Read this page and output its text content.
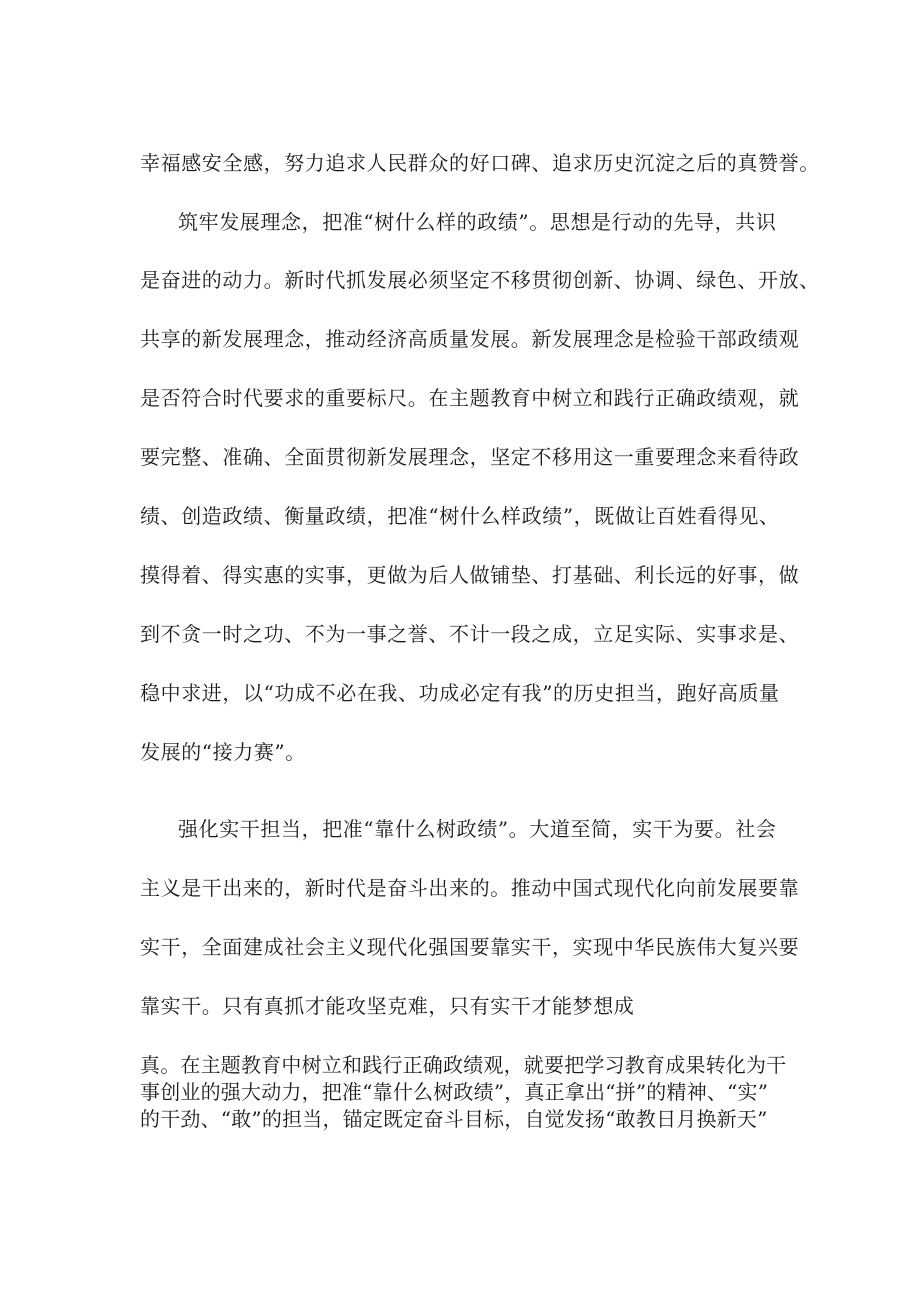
幸福感安全感，努力追求人民群众的好口碑、追求历史沉淀之后的真赞誉。
筑牢发展理念，把准“树什么样的政绩”。思想是行动的先导，共识
是奋进的动力。新时代抓发展必须坚定不移贯彻创新、协调、绿色、开放、
共享的新发展理念，推动经济高质量发展。新发展理念是检验干部政绩观
是否符合时代要求的重要标尺。在主题教育中树立和践行正确政绩观，就
要完整、准确、全面贯彻新发展理念，坚定不移用这一重要理念来看待政
绩、创造政绩、衡量政绩，把准“树什么样政绩”，既做让百姓看得见、
摸得着、得实惠的实事，更做为后人做铺垫、打基础、利长远的好事，做
到不贪一时之功、不为一事之誉、不计一段之成，立足实际、实事求是、
稳中求进，以“功成不必在我、功成必定有我”的历史担当，跑好高质量
发展的“接力赛”。
强化实干担当，把准“靠什么树政绩”。大道至简，实干为要。社会
主义是干出来的，新时代是奋斗出来的。推动中国式现代化向前发展要靠
实干，全面建成社会主义现代化强国要靠实干，实现中华民族伟大复兴要
靠实干。只有真抓才能攻坚克难，只有实干才能梦想成
真。在主题教育中树立和践行正确政绩观，就要把学习教育成果转化为干
事创业的强大动力，把准“靠什么树政绩”，真正拿出“拼”的精神、“实”
的干劲、“敢”的担当，锚定既定奋斗目标，自觉发扬“敢教日月换新天”
